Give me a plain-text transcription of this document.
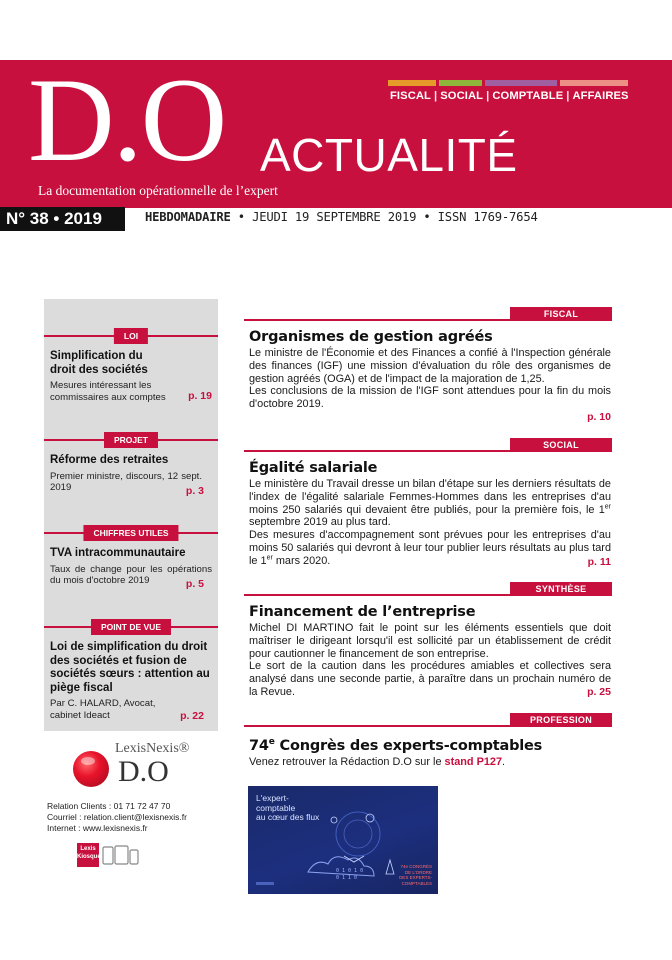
FISCAL | SOCIAL | COMPTABLE | AFFAIRES
D.O ACTUALITÉ
La documentation opérationnelle de l’expert
N° 38 • 2019	HEBDOMADAIRE • JEUDI 19 SEPTEMBRE 2019 • ISSN 1769-7654
LOI
Simplification du droit des sociétés
Mesures intéressant les commissaires aux comptes	p. 19
PROJET
Réforme des retraites
Premier ministre, discours, 12 sept. 2019	p. 3
CHIFFRES UTILES
TVA intracommunautaire
Taux de change pour les opérations du mois d'octobre 2019	p. 5
POINT DE VUE
Loi de simplification du droit des sociétés et fusion de sociétés sœurs : attention au piège fiscal
Par C. HALARD, Avocat, cabinet Ideact	p. 22
LexisNexis®
D.O
Relation Clients : 01 71 72 47 70
Courriel : relation.client@lexisnexis.fr
Internet : www.lexisnexis.fr
Lexis Kiosque
FISCAL
Organismes de gestion agréés

Le ministre de l'Économie et des Finances a confié à l'Inspection générale des finances (IGF) une mission d'évaluation du rôle des organismes de gestion agréés (OGA) et de l'impact de la majoration de 1,25.

Les conclusions de la mission de l'IGF sont attendues pour la fin du mois d'octobre 2019.

p. 10
SOCIAL
Égalité salariale

Le ministère du Travail dresse un bilan d'étape sur les derniers résultats de l'index de l'égalité salariale Femmes-Hommes dans les entreprises d'au moins 250 salariés qui devaient être publiés, pour la première fois, le 1er septembre 2019 au plus tard.

Des mesures d'accompagnement sont prévues pour les entreprises d'au moins 50 salariés qui devront à leur tour publier leurs résultats au plus tard le 1er mars 2020.	p. 11
SYNTHÈSE
Financement de l’entreprise

Michel DI MARTINO fait le point sur les éléments essentiels que doit maîtriser le dirigeant lorsqu'il est sollicité par un établissement de crédit pour cautionner le financement de son entreprise.

Le sort de la caution dans les procédures amiables et collectives sera analysé dans une seconde partie, à paraître dans un prochain numéro de la Revue.	p. 25
PROFESSION
74e Congrès des experts-comptables
Venez retrouver la Rédaction D.O sur le stand P127.
0 1 0 1 0
0 1 1 0
L'expert-
comptable
au cœur des flux
74e CONGRÈS
DE L'ORDRE
DES EXPERTS-
COMPTABLES
